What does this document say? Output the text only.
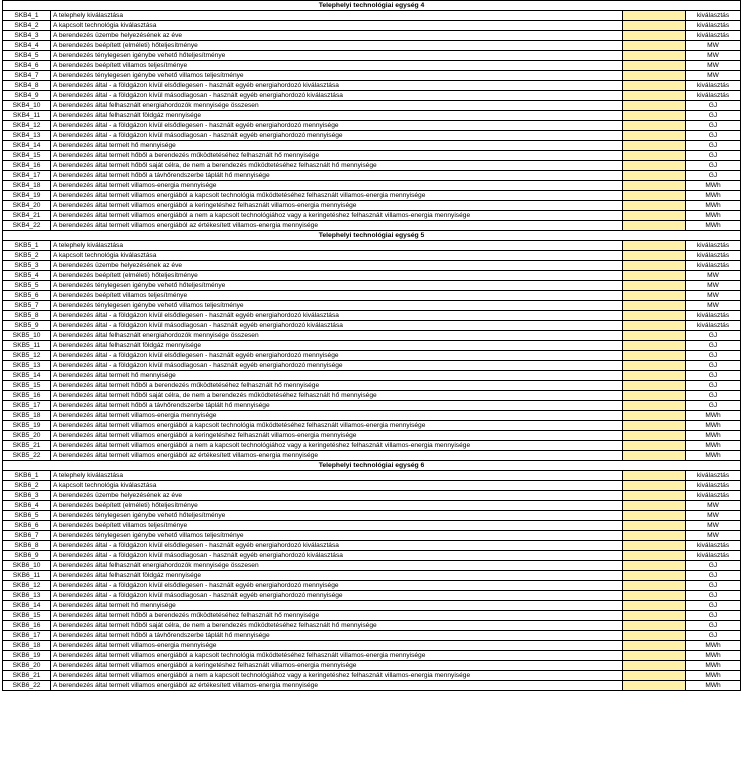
Telephelyi technológiai egység 4			
SKB4_1	A telephely kiválasztása		kiválasztás
SKB4_2	A kapcsolt technológia kiválasztása		kiválasztás
SKB4_3	A berendezés üzembe helyezésének az éve		kiválasztás
SKB4_4	A berendezés beépített (elméleti) hőteljesítménye		MW
SKB4_5	A berendezés ténylegesen igénybe vehető hőteljesítménye		MW
SKB4_6	A berendezés beépített villamos teljesítménye		MW
SKB4_7	A berendezés ténylegesen igénybe vehető villamos teljesítménye		MW
SKB4_8	A berendezés által - a földgázon kívül elsődlegesen - használt egyéb energiahordozó kiválasztása		kiválasztás
SKB4_9	A berendezés által - a földgázon kívül másodlagosan - használt egyéb energiahordozó kiválasztása		kiválasztás
SKB4_10	A berendezés által felhasznált energiahordozók mennyisége összesen		GJ
SKB4_11	A berendezés által felhasznált földgáz mennyisége		GJ
SKB4_12	A berendezés által - a földgázon kívül elsődlegesen - használt egyéb energiahordozó mennyisége		GJ
SKB4_13	A berendezés által - a földgázon kívül másodlagosan - használt egyéb energiahordozó mennyisége		GJ
SKB4_14	A berendezés által termelt hő mennyisége		GJ
SKB4_15	A berendezés által termelt hőből a berendezés működtetéséhez felhasznált hő mennyisége		GJ
SKB4_16	A berendezés által termelt hőből saját célra, de nem a berendezés működtetéséhez felhasznált hő mennyisége		GJ
SKB4_17	A berendezés által termelt hőből a távhőrendszerbe táplált hő mennyisége		GJ
SKB4_18	A berendezés által termelt villamos-energia mennyisége		MWh
SKB4_19	A berendezés által termelt villamos energiából a kapcsolt technológia működtetéséhez felhasznált villamos-energia mennyisége		MWh
SKB4_20	A berendezés által termelt villamos energiából a keringetéshez felhasznált villamos-energia mennyisége		MWh
SKB4_21	A berendezés által termelt villamos energiából a nem a kapcsolt technológiához vagy a keringetéshez felhasznált villamos-energia mennyisége		MWh
SKB4_22	A berendezés által termelt villamos energiából az értékesített villamos-energia mennyisége		MWh
Telephelyi technológiai egység 5			
SKB5_1	A telephely kiválasztása		kiválasztás
SKB5_2	A kapcsolt technológia kiválasztása		kiválasztás
SKB5_3	A berendezés üzembe helyezésének az éve		kiválasztás
SKB5_4	A berendezés beépített (elméleti) hőteljesítménye		MW
SKB5_5	A berendezés ténylegesen igénybe vehető hőteljesítménye		MW
SKB5_6	A berendezés beépített villamos teljesítménye		MW
SKB5_7	A berendezés ténylegesen igénybe vehető villamos teljesítménye		MW
SKB5_8	A berendezés által - a földgázon kívül elsődlegesen - használt egyéb energiahordozó kiválasztása		kiválasztás
SKB5_9	A berendezés által - a földgázon kívül másodlagosan - használt egyéb energiahordozó kiválasztása		kiválasztás
SKB5_10	A berendezés által felhasznált energiahordozók mennyisége összesen		GJ
SKB5_11	A berendezés által felhasznált földgáz mennyisége		GJ
SKB5_12	A berendezés által - a földgázon kívül elsődlegesen - használt egyéb energiahordozó mennyisége		GJ
SKB5_13	A berendezés által - a földgázon kívül másodlagosan - használt egyéb energiahordozó mennyisége		GJ
SKB5_14	A berendezés által termelt hő mennyisége		GJ
SKB5_15	A berendezés által termelt hőből a berendezés működtetéséhez felhasznált hő mennyisége		GJ
SKB5_16	A berendezés által termelt hőből saját célra, de nem a berendezés működtetéséhez felhasznált hő mennyisége		GJ
SKB5_17	A berendezés által termelt hőből a távhőrendszerbe táplált hő mennyisége		GJ
SKB5_18	A berendezés által termelt villamos-energia mennyisége		MWh
SKB5_19	A berendezés által termelt villamos energiából a kapcsolt technológia működtetéséhez felhasznált villamos-energia mennyisége		MWh
SKB5_20	A berendezés által termelt villamos energiából a keringetéshez felhasznált villamos-energia mennyisége		MWh
SKB5_21	A berendezés által termelt villamos energiából a nem a kapcsolt technológiához vagy a keringetéshez felhasznált villamos-energia mennyisége		MWh
SKB5_22	A berendezés által termelt villamos energiából az értékesített villamos-energia mennyisége		MWh
Telephelyi technológiai egység 6			
SKB6_1	A telephely kiválasztása		kiválasztás
SKB6_2	A kapcsolt technológia kiválasztása		kiválasztás
SKB6_3	A berendezés üzembe helyezésének az éve		kiválasztás
SKB6_4	A berendezés beépített (elméleti) hőteljesítménye		MW
SKB6_5	A berendezés ténylegesen igénybe vehető hőteljesítménye		MW
SKB6_6	A berendezés beépített villamos teljesítménye		MW
SKB6_7	A berendezés ténylegesen igénybe vehető villamos teljesítménye		MW
SKB6_8	A berendezés által - a földgázon kívül elsődlegesen - használt egyéb energiahordozó kiválasztása		kiválasztás
SKB6_9	A berendezés által - a földgázon kívül másodlagosan - használt egyéb energiahordozó kiválasztása		kiválasztás
SKB6_10	A berendezés által felhasznált energiahordozók mennyisége összesen		GJ
SKB6_11	A berendezés által felhasznált földgáz mennyisége		GJ
SKB6_12	A berendezés által - a földgázon kívül elsődlegesen - használt egyéb energiahordozó mennyisége		GJ
SKB6_13	A berendezés által - a földgázon kívül másodlagosan - használt egyéb energiahordozó mennyisége		GJ
SKB6_14	A berendezés által termelt hő mennyisége		GJ
SKB6_15	A berendezés által termelt hőből a berendezés működtetéséhez felhasznált hő mennyisége		GJ
SKB6_16	A berendezés által termelt hőből saját célra, de nem a berendezés működtetéséhez felhasznált hő mennyisége		GJ
SKB6_17	A berendezés által termelt hőből a távhőrendszerbe táplált hő mennyisége		GJ
SKB6_18	A berendezés által termelt villamos-energia mennyisége		MWh
SKB6_19	A berendezés által termelt villamos energiából a kapcsolt technológia működtetéséhez felhasznált villamos-energia mennyisége		MWh
SKB6_20	A berendezés által termelt villamos energiából a keringetéshez felhasznált villamos-energia mennyisége		MWh
SKB6_21	A berendezés által termelt villamos energiából a nem a kapcsolt technológiához vagy a keringetéshez felhasznált villamos-energia mennyisége		MWh
SKB6_22	A berendezés által termelt villamos energiából az értékesített villamos-energia mennyisége		MWh
